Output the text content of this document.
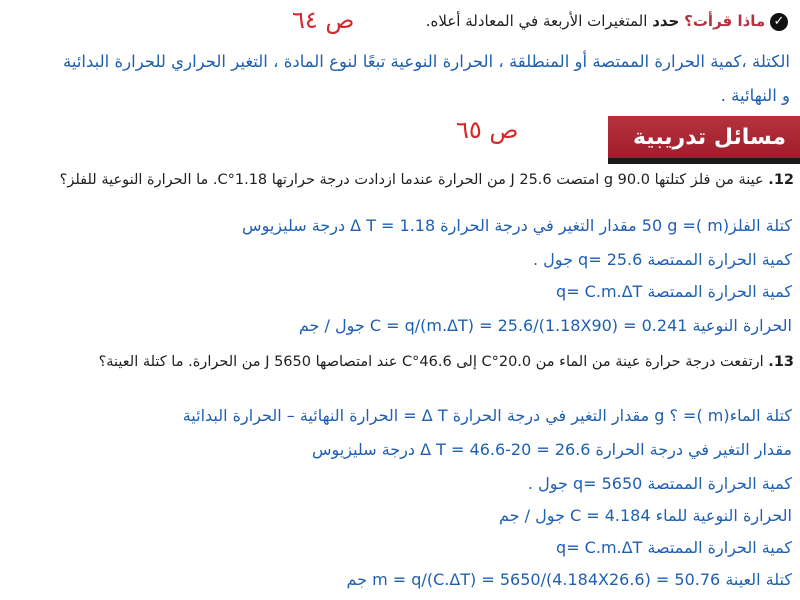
ص ٦٤	✓ ماذا قرأت؟ حدد المتغيرات الأربعة في المعادلة أعلاه.
الكتلة ،كمية الحرارة الممتصة أو المنطلقة ، الحرارة النوعية تبعًا لنوع المادة ، التغير الحراري للحرارة البدائية
و النهائية .
ص ٦٥	مسائل تدريبية
12. عينة من فلز كتلتها 90.0 g امتصت 25.6 J من الحرارة عندما ازدادت درجة حرارتها 1.18°C. ما الحرارة النوعية للفلز؟
كتلة الفلز(m )= 50 g مقدار التغير في درجة الحرارة Δ T = 1.18 درجة سليزيوس
كمية الحرارة الممتصة q= 25.6 جول .
كمية الحرارة الممتصة q= C.m.ΔT
الحرارة النوعية C = q/(m.ΔT) = 25.6/(1.18X90) = 0.241 جول / جم
13. ارتفعت درجة حرارة عينة من الماء من 20.0°C إلى 46.6°C عند امتصاصها 5650 J من الحرارة. ما كتلة العينة؟
كتلة الماء(m )= ؟ g مقدار التغير في درجة الحرارة Δ T = الحرارة النهائية – الحرارة البدائية
مقدار التغير في درجة الحرارة Δ T = 46.6-20 = 26.6 درجة سليزيوس
كمية الحرارة الممتصة q= 5650 جول .
الحرارة النوعية للماء C = 4.184 جول / جم
كمية الحرارة الممتصة q= C.m.ΔT
كتلة العينة m = q/(C.ΔT) = 5650/(4.184X26.6) = 50.76 جم
